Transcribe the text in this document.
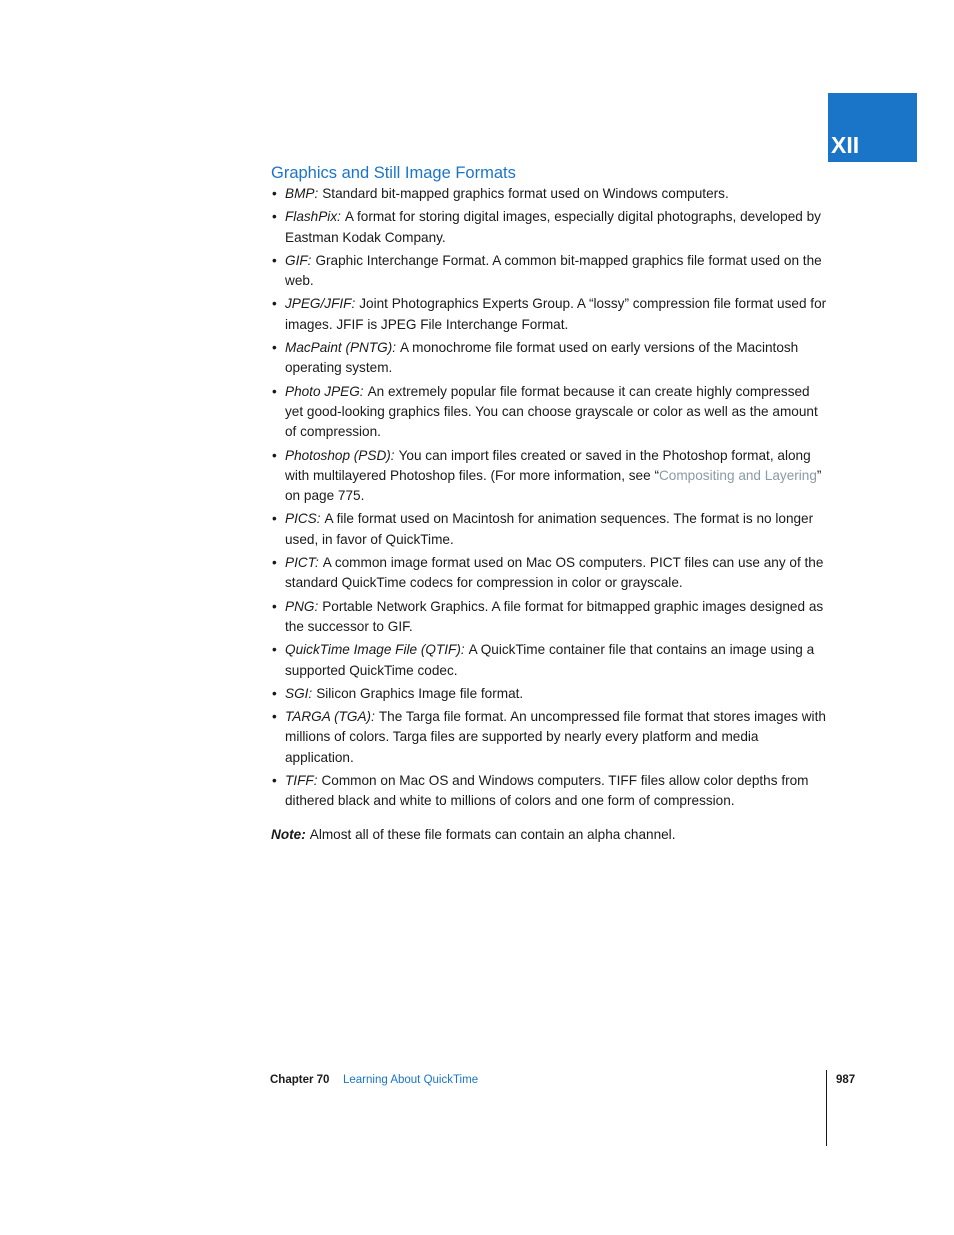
XII
Graphics and Still Image Formats
• BMP: Standard bit-mapped graphics format used on Windows computers.
• FlashPix: A format for storing digital images, especially digital photographs, developed by Eastman Kodak Company.
• GIF: Graphic Interchange Format. A common bit-mapped graphics file format used on the web.
• JPEG/JFIF: Joint Photographics Experts Group. A “lossy” compression file format used for images. JFIF is JPEG File Interchange Format.
• MacPaint (PNTG): A monochrome file format used on early versions of the Macintosh operating system.
• Photo JPEG: An extremely popular file format because it can create highly compressed yet good-looking graphics files. You can choose grayscale or color as well as the amount of compression.
• Photoshop (PSD): You can import files created or saved in the Photoshop format, along with multilayered Photoshop files. (For more information, see “Compositing and Layering” on page 775.
• PICS: A file format used on Macintosh for animation sequences. The format is no longer used, in favor of QuickTime.
• PICT: A common image format used on Mac OS computers. PICT files can use any of the standard QuickTime codecs for compression in color or grayscale.
• PNG: Portable Network Graphics. A file format for bitmapped graphic images designed as the successor to GIF.
• QuickTime Image File (QTIF): A QuickTime container file that contains an image using a supported QuickTime codec.
• SGI: Silicon Graphics Image file format.
• TARGA (TGA): The Targa file format. An uncompressed file format that stores images with millions of colors. Targa files are supported by nearly every platform and media application.
• TIFF: Common on Mac OS and Windows computers. TIFF files allow color depths from dithered black and white to millions of colors and one form of compression.

Note: Almost all of these file formats can contain an alpha channel.

Chapter 70 Learning About QuickTime	987
